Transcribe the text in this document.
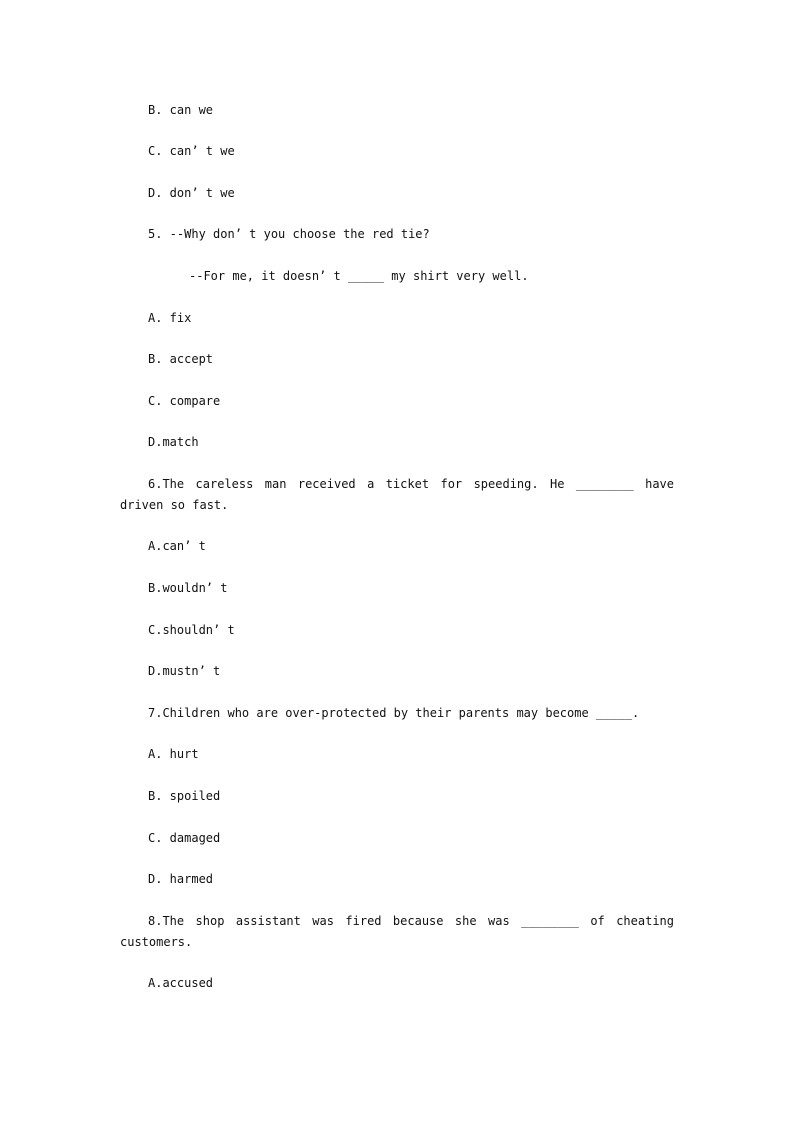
B. can we
C. can’ t we
D. don’ t we
5. --Why don’ t you choose the red tie?
--For me, it doesn’ t _____ my shirt very well.
A. fix
B. accept
C. compare
D.match
6.The careless man received a ticket for speeding. He ________ have driven so fast.
A.can’ t
B.wouldn’ t
C.shouldn’ t
D.mustn’ t
7.Children who are over-protected by their parents may become _____.
A. hurt
B. spoiled
C. damaged
D. harmed
8.The shop assistant was fired because she was ________ of cheating customers.
A.accused
